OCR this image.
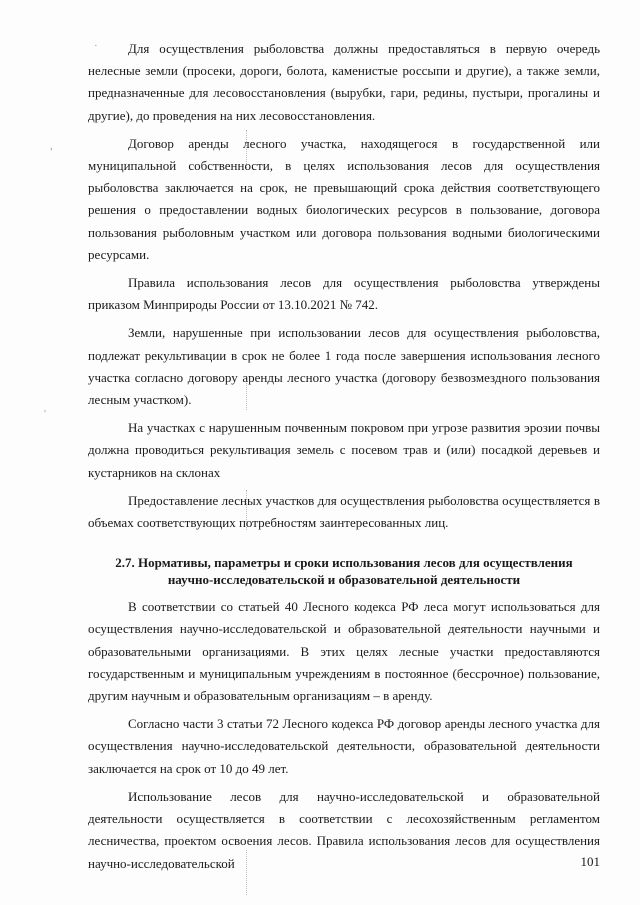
,
'
·	Для осуществления рыболовства должны предоставляться в первую очередь нелесные земли (просеки, дороги, болота, каменистые россыпи и другие), а также земли, предназначенные для лесовосстановления (вырубки, гари, редины, пустыри, прогалины и другие), до проведения на них лесовосстановления.

Договор аренды лесного участка, находящегося в государственной или муниципальной собственности, в целях использования лесов для осуществления рыболовства заключается на срок, не превышающий срока действия соответствующего решения о предоставлении водных биологических ресурсов в пользование, договора пользования рыболовным участком или договора пользования водными биологическими ресурсами.

Правила использования лесов для осуществления рыболовства утверждены приказом Минприроды России от 13.10.2021 № 742.

Земли, нарушенные при использовании лесов для осуществления рыболовства, подлежат рекультивации в срок не более 1 года после завершения использования лесного участка согласно договору аренды лесного участка (договору безвозмездного пользования лесным участком).

На участках с нарушенным почвенным покровом при угрозе развития эрозии почвы должна проводиться рекультивация земель с посевом трав и (или) посадкой деревьев и кустарников на склонах

Предоставление лесных участков для осуществления рыболовства осуществляется в объемах соответствующих потребностям заинтересованных лиц.

2.7. Нормативы, параметры и сроки использования лесов для осуществления научно-исследовательской и образовательной деятельности

В соответствии со статьей 40 Лесного кодекса РФ леса могут использоваться для осуществления научно-исследовательской и образовательной деятельности научными и образовательными организациями. В этих целях лесные участки предоставляются государственным и муниципальным учреждениям в постоянное (бессрочное) пользование, другим научным и образовательным организациям – в аренду.

Согласно части 3 статьи 72 Лесного кодекса РФ договор аренды лесного участка для осуществления научно-исследовательской деятельности, образовательной деятельности заключается на срок от 10 до 49 лет.

Использование лесов для научно-исследовательской и образовательной деятельности осуществляется в соответствии с лесохозяйственным регламентом лесничества, проектом освоения лесов. Правила использования лесов для осуществления научно-исследовательской	101
